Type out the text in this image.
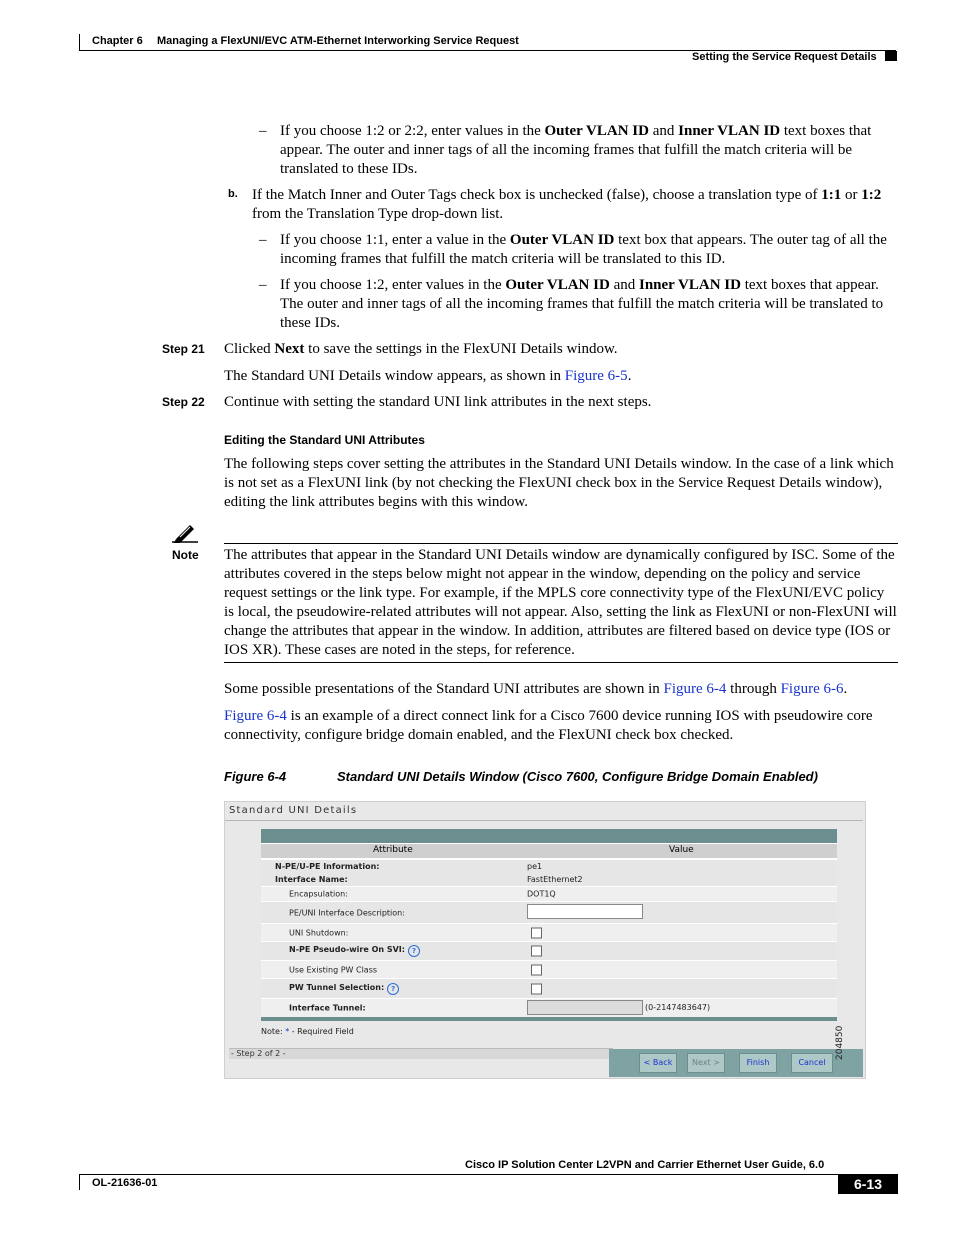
Chapter 6 Managing a FlexUNI/EVC ATM-Ethernet Interworking Service Request
Setting the Service Request Details
– If you choose 1:2 or 2:2, enter values in the Outer VLAN ID and Inner VLAN ID text boxes that appear. The outer and inner tags of all the incoming frames that fulfill the match criteria will be translated to these IDs.
b. If the Match Inner and Outer Tags check box is unchecked (false), choose a translation type of 1:1 or 1:2 from the Translation Type drop-down list.
– If you choose 1:1, enter a value in the Outer VLAN ID text box that appears. The outer tag of all the incoming frames that fulfill the match criteria will be translated to this ID.
– If you choose 1:2, enter values in the Outer VLAN ID and Inner VLAN ID text boxes that appear. The outer and inner tags of all the incoming frames that fulfill the match criteria will be translated to these IDs.
Step 21 Clicked Next to save the settings in the FlexUNI Details window.
The Standard UNI Details window appears, as shown in Figure 6-5.
Step 22 Continue with setting the standard UNI link attributes in the next steps.
Editing the Standard UNI Attributes
The following steps cover setting the attributes in the Standard UNI Details window. In the case of a link which is not set as a FlexUNI link (by not checking the FlexUNI check box in the Service Request Details window), editing the link attributes begins with this window.
Note The attributes that appear in the Standard UNI Details window are dynamically configured by ISC. Some of the attributes covered in the steps below might not appear in the window, depending on the policy and service request settings or the link type. For example, if the MPLS core connectivity type of the FlexUNI/EVC policy is local, the pseudowire-related attributes will not appear. Also, setting the link as FlexUNI or non-FlexUNI will change the attributes that appear in the window. In addition, attributes are filtered based on device type (IOS or IOS XR). These cases are noted in the steps, for reference.
Some possible presentations of the Standard UNI attributes are shown in Figure 6-4 through Figure 6-6.
Figure 6-4 is an example of a direct connect link for a Cisco 7600 device running IOS with pseudowire core connectivity, configure bridge domain enabled, and the FlexUNI check box checked.
Figure 6-4	Standard UNI Details Window (Cisco 7600, Configure Bridge Domain Enabled)
Standard UNI Details
Attribute	Value
N-PE/U-PE Information:	pe1
Interface Name:	FastEthernet2
Encapsulation:	DOT1Q
PE/UNI Interface Description:
UNI Shutdown:
N-PE Pseudo-wire On SVI: ?
Use Existing PW Class
PW Tunnel Selection: ?
Interface Tunnel:	(0-2147483647)
Note: * - Required Field
- Step 2 of 2 -
< Back	Next >	Finish	Cancel
204850
Cisco IP Solution Center L2VPN and Carrier Ethernet User Guide, 6.0
OL-21636-01	6-13
